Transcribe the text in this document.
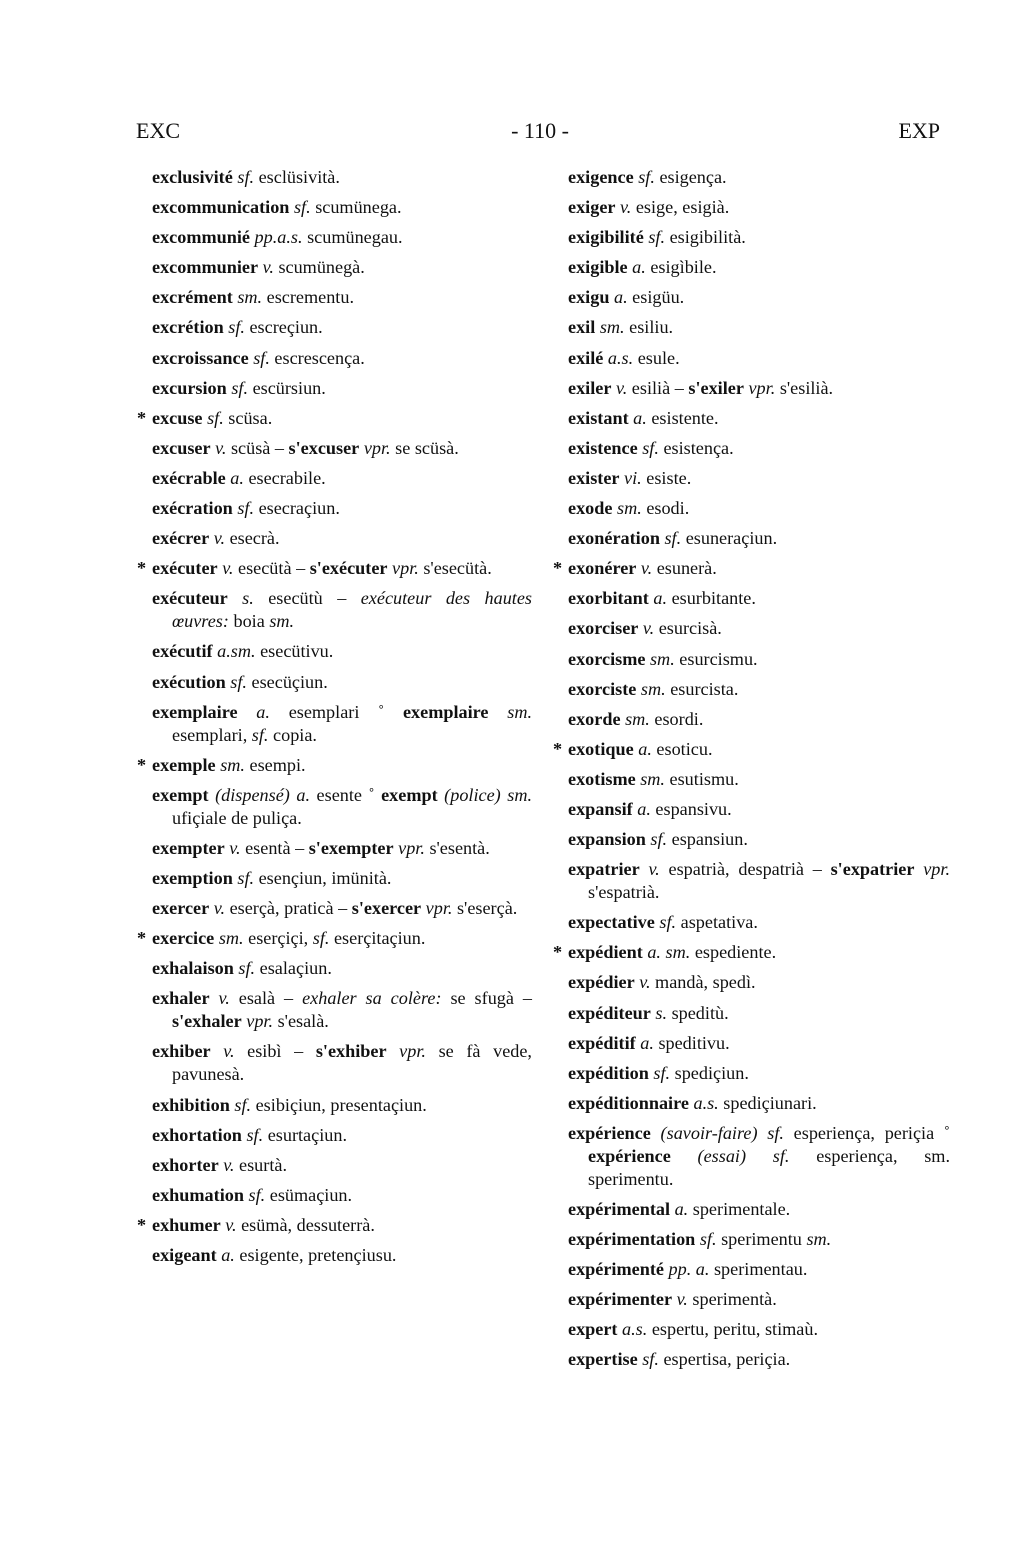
EXC	- 110 -	EXP
exclusivité sf. esclüsività.
excommunication sf. scumünega.
excommunié pp.a.s. scumünegau.
excommunier v. scumünegà.
excrément sm. escrementu.
excrétion sf. escreçiun.
excroissance sf. escrescença.
excursion sf. escürsiun.
* excuse sf. scüsa.
excuser v. scüsà – s'excuser vpr. se scüsà.
exécrable a. esecrabile.
exécration sf. esecraçiun.
exécrer v. esecrà.
* exécuter v. esecütà – s'exécuter vpr. s'esecütà.
exécuteur s. esecütù – exécuteur des hautes œuvres: boia sm.
exécutif a.sm. esecütivu.
exécution sf. esecüçiun.
exemplaire a. esemplari ˚ exemplaire sm. esemplari, sf. copia.
* exemple sm. esempi.
exempt (dispensé) a. esente ˚ exempt (police) sm. ufiçiale de puliça.
exempter v. esentà – s'exempter vpr. s'esentà.
exemption sf. esençiun, imünità.
exercer v. eserçà, praticà – s'exercer vpr. s'eserçà.
* exercice sm. eserçiçi, sf. eserçitaçiun.
exhalaison sf. esalaçiun.
exhaler v. esalà – exhaler sa colère: se sfugà – s'exhaler vpr. s'esalà.
exhiber v. esibì – s'exhiber vpr. se fà vede, pavunesà.
exhibition sf. esibiçiun, presentaçiun.
exhortation sf. esurtaçiun.
exhorter v. esurtà.
exhumation sf. esümaçiun.
* exhumer v. esümà, dessuterrà.
exigeant a. esigente, pretençiusu.
exigence sf. esigença.
exiger v. esige, esigià.
exigibilité sf. esigibilità.
exigible a. esigìbile.
exigu a. esigüu.
exil sm. esiliu.
exilé a.s. esule.
exiler v. esilià – s'exiler vpr. s'esilià.
existant a. esistente.
existence sf. esistença.
exister vi. esiste.
exode sm. esodi.
exonération sf. esuneraçiun.
* exonérer v. esunerà.
exorbitant a. esurbitante.
exorciser v. esurcisà.
exorcisme sm. esurcismu.
exorciste sm. esurcista.
exorde sm. esordi.
* exotique a. esoticu.
exotisme sm. esutismu.
expansif a. espansivu.
expansion sf. espansiun.
expatrier v. espatrià, despatrià – s'expatrier vpr. s'espatrià.
expectative sf. aspetativa.
* expédient a. sm. espediente.
expédier v. mandà, spedì.
expéditeur s. speditù.
expéditif a. speditivu.
expédition sf. spediçiun.
expéditionnaire a.s. spediçiunari.
expérience (savoir-faire) sf. esperiença, periçia ˚ expérience (essai) sf. esperiença, sm. sperimentu.
expérimental a. sperimentale.
expérimentation sf. sperimentu sm.
expérimenté pp. a. sperimentau.
expérimenter v. sperimentà.
expert a.s. espertu, peritu, stimaù.
expertise sf. espertisa, periçia.
